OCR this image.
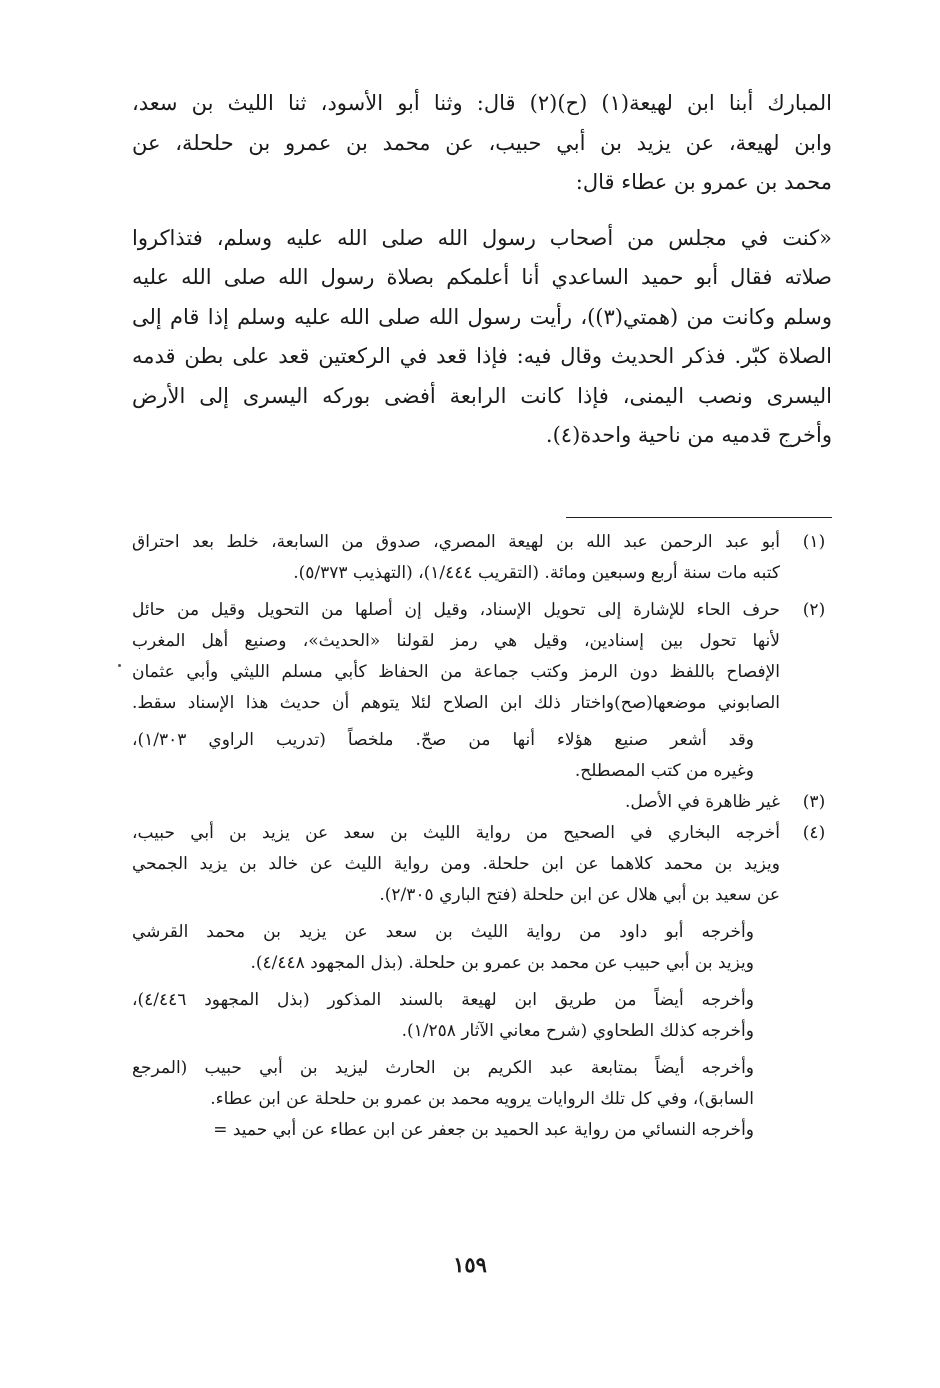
المبارك أبنا ابن لهيعة(١) (ح)(٢) قال: وثنا أبو الأسود، ثنا الليث بن سعد،
وابن لهيعة، عن يزيد بن أبي حبيب، عن محمد بن عمرو بن حلحلة، عن
محمد بن عمرو بن عطاء قال:
«كنت في مجلس من أصحاب رسول الله صلى الله عليه وسلم، فتذاكروا
صلاته فقال أبو حميد الساعدي أنا أعلمكم بصلاة رسول الله صلى الله عليه
وسلم وكانت من (همتي(٣))، رأيت رسول الله صلى الله عليه وسلم إذا قام إلى
الصلاة كبّر. فذكر الحديث وقال فيه: فإذا قعد في الركعتين قعد على بطن قدمه
اليسرى ونصب اليمنى، فإذا كانت الرابعة أفضى بوركه اليسرى إلى الأرض
وأخرج قدميه من ناحية واحدة(٤).
(١)
أبو عبد الرحمن عبد الله بن لهيعة المصري، صدوق من السابعة، خلط بعد احتراق
كتبه مات سنة أربع وسبعين ومائة. (التقريب ١/٤٤٤)، (التهذيب ٥/٣٧٣).
(٢)
حرف الحاء للإشارة إلى تحويل الإسناد، وقيل إن أصلها من التحويل وقيل من حائل
لأنها تحول بين إسنادين، وقيل هي رمز لقولنا «الحديث»، وصنيع أهل المغرب
الإفصاح باللفظ دون الرمز وكتب جماعة من الحفاظ كأبي مسلم الليثي وأبي عثمان
الصابوني موضعها(صح)واختار ذلك ابن الصلاح لئلا يتوهم أن حديث هذا الإسناد سقط.
وقد أشعر صنيع هؤلاء أنها من صحّ. ملخصاً (تدريب الراوي ١/٣٠٣)،
وغيره من كتب المصطلح.
(٣)
غير ظاهرة في الأصل.
(٤)
أخرجه البخاري في الصحيح من رواية الليث بن سعد عن يزيد بن أبي حبيب،
ويزيد بن محمد كلاهما عن ابن حلحلة. ومن رواية الليث عن خالد بن يزيد الجمحي
عن سعيد بن أبي هلال عن ابن حلحلة (فتح الباري ٢/٣٠٥).
وأخرجه أبو داود من رواية الليث بن سعد عن يزيد بن محمد القرشي
ويزيد بن أبي حبيب عن محمد بن عمرو بن حلحلة. (بذل المجهود ٤/٤٤٨).
وأخرجه أيضاً من طريق ابن لهيعة بالسند المذكور (بذل المجهود ٤/٤٤٦)،
وأخرجه كذلك الطحاوي (شرح معاني الآثار ١/٢٥٨).
وأخرجه أيضاً بمتابعة عبد الكريم بن الحارث ليزيد بن أبي حبيب (المرجع
السابق)، وفي كل تلك الروايات يرويه محمد بن عمرو بن حلحلة عن ابن عطاء.
وأخرجه النسائي من رواية عبد الحميد بن جعفر عن ابن عطاء عن أبي حميد =
١٥٩
